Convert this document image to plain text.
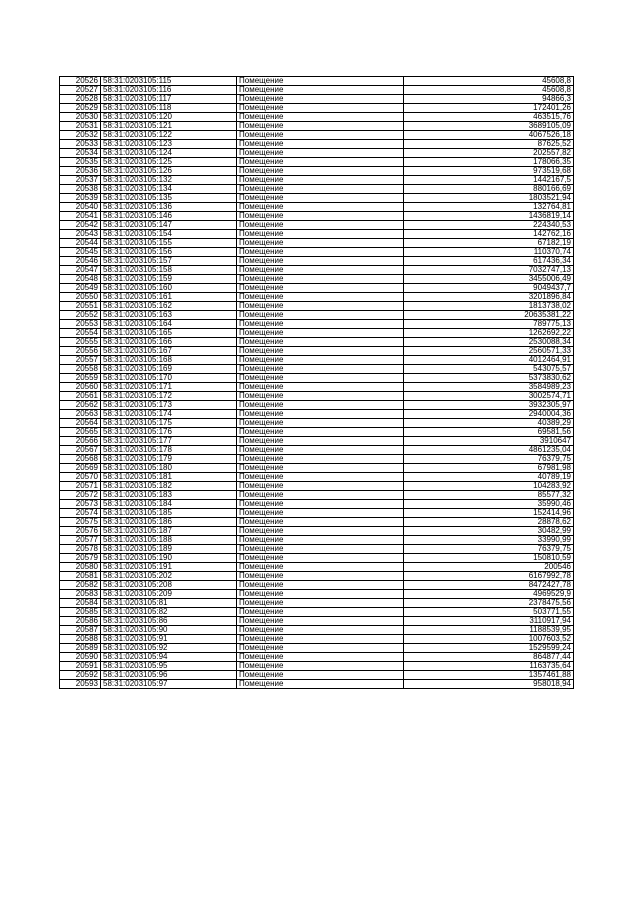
20526	58:31:0203105:115	Помещение	45608,8
20527	58:31:0203105:116	Помещение	45608,8
20528	58:31:0203105:117	Помещение	94866,3
20529	58:31:0203105:118	Помещение	172401,26
20530	58:31:0203105:120	Помещение	463515,76
20531	58:31:0203105:121	Помещение	3689105,09
20532	58:31:0203105:122	Помещение	4067526,18
20533	58:31:0203105:123	Помещение	87625,52
20534	58:31:0203105:124	Помещение	202557,82
20535	58:31:0203105:125	Помещение	178066,35
20536	58:31:0203105:126	Помещение	973519,68
20537	58:31:0203105:132	Помещение	1442167,5
20538	58:31:0203105:134	Помещение	880166,69
20539	58:31:0203105:135	Помещение	1803521,94
20540	58:31:0203105:136	Помещение	132764,81
20541	58:31:0203105:146	Помещение	1436819,14
20542	58:31:0203105:147	Помещение	224340,53
20543	58:31:0203105:154	Помещение	142762,16
20544	58:31:0203105:155	Помещение	67182,19
20545	58:31:0203105:156	Помещение	110370,74
20546	58:31:0203105:157	Помещение	617436,34
20547	58:31:0203105:158	Помещение	7032747,13
20548	58:31:0203105:159	Помещение	3455006,49
20549	58:31:0203105:160	Помещение	9049437,7
20550	58:31:0203105:161	Помещение	3201896,84
20551	58:31:0203105:162	Помещение	1813738,02
20552	58:31:0203105:163	Помещение	20635381,22
20553	58:31:0203105:164	Помещение	789775,13
20554	58:31:0203105:165	Помещение	1262692,22
20555	58:31:0203105:166	Помещение	2530088,34
20556	58:31:0203105:167	Помещение	2560571,33
20557	58:31:0203105:168	Помещение	4012464,91
20558	58:31:0203105:169	Помещение	543075,57
20559	58:31:0203105:170	Помещение	5373830,62
20560	58:31:0203105:171	Помещение	3584989,23
20561	58:31:0203105:172	Помещение	3002574,71
20562	58:31:0203105:173	Помещение	3932305,97
20563	58:31:0203105:174	Помещение	2940004,36
20564	58:31:0203105:175	Помещение	40389,29
20565	58:31:0203105:176	Помещение	69581,56
20566	58:31:0203105:177	Помещение	3910647
20567	58:31:0203105:178	Помещение	4861235,04
20568	58:31:0203105:179	Помещение	76379,75
20569	58:31:0203105:180	Помещение	67981,98
20570	58:31:0203105:181	Помещение	40789,19
20571	58:31:0203105:182	Помещение	104283,92
20572	58:31:0203105:183	Помещение	85577,32
20573	58:31:0203105:184	Помещение	35990,46
20574	58:31:0203105:185	Помещение	152414,96
20575	58:31:0203105:186	Помещение	28878,62
20576	58:31:0203105:187	Помещение	30482,99
20577	58:31:0203105:188	Помещение	33990,99
20578	58:31:0203105:189	Помещение	76379,75
20579	58:31:0203105:190	Помещение	150810,59
20580	58:31:0203105:191	Помещение	200546
20581	58:31:0203105:202	Помещение	6167992,78
20582	58:31:0203105:208	Помещение	8472427,78
20583	58:31:0203105:209	Помещение	4969529,9
20584	58:31:0203105:81	Помещение	2378475,56
20585	58:31:0203105:82	Помещение	503771,55
20586	58:31:0203105:86	Помещение	3110917,94
20587	58:31:0203105:90	Помещение	1188539,95
20588	58:31:0203105:91	Помещение	1007603,52
20589	58:31:0203105:92	Помещение	1529599,24
20590	58:31:0203105:94	Помещение	864877,44
20591	58:31:0203105:95	Помещение	1163735,64
20592	58:31:0203105:96	Помещение	1357461,88
20593	58:31:0203105:97	Помещение	958018,94
